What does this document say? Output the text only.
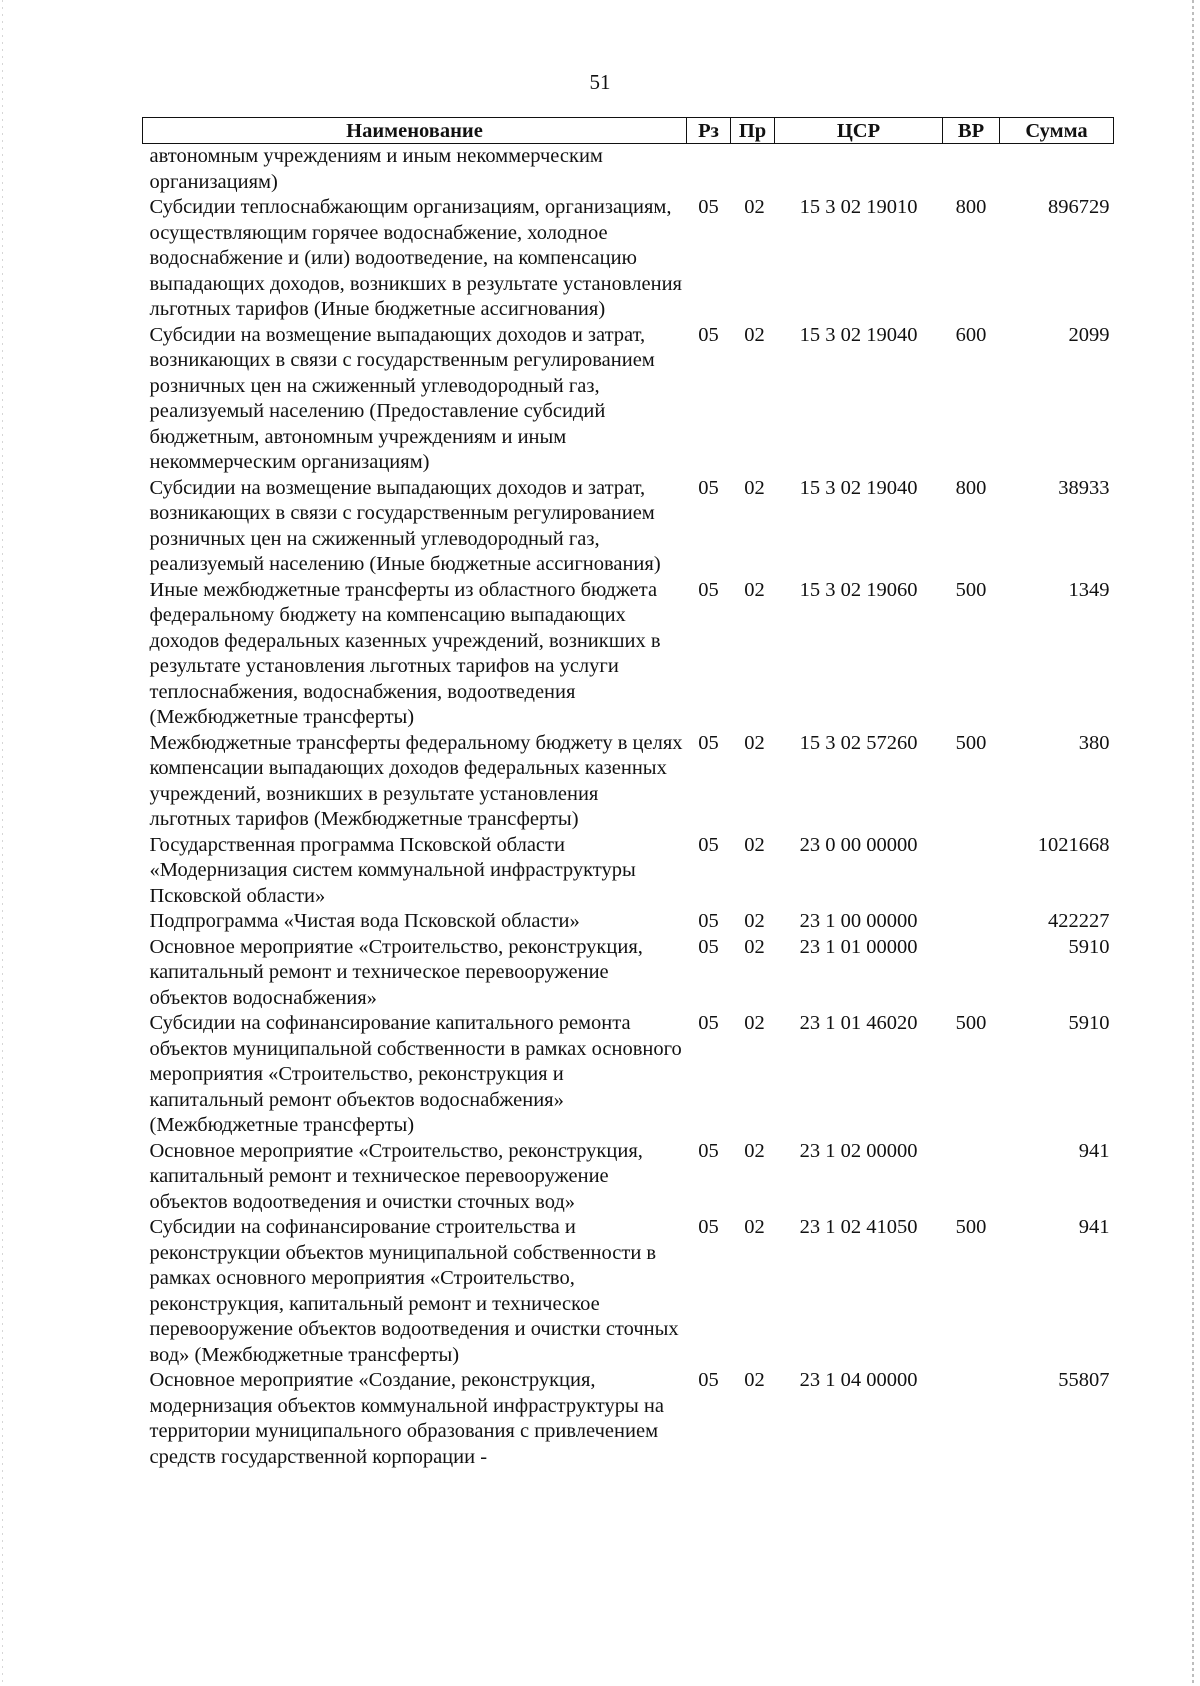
51
Наименование	Рз	Пр	ЦСР	ВР	Сумма
автономным учреждениям и иным некоммерческим организациям)					
Субсидии теплоснабжающим организациям, организациям, осуществляющим горячее водоснабжение, холодное водоснабжение и (или) водоотведение, на компенсацию выпадающих доходов, возникших в результате установления льготных тарифов (Иные бюджетные ассигнования)	05	02	15 3 02 19010	800	896729
Субсидии на возмещение выпадающих доходов и затрат, возникающих в связи с государственным регулированием розничных цен на сжиженный углеводородный газ, реализуемый населению (Предоставление субсидий бюджетным, автономным учреждениям и иным некоммерческим организациям)	05	02	15 3 02 19040	600	2099
Субсидии на возмещение выпадающих доходов и затрат, возникающих в связи с государственным регулированием розничных цен на сжиженный углеводородный газ, реализуемый населению (Иные бюджетные ассигнования)	05	02	15 3 02 19040	800	38933
Иные межбюджетные трансферты из областного бюджета федеральному бюджету на компенсацию выпадающих доходов федеральных казенных учреждений, возникших в результате установления льготных тарифов на услуги теплоснабжения, водоснабжения, водоотведения (Межбюджетные трансферты)	05	02	15 3 02 19060	500	1349
Межбюджетные трансферты федеральному бюджету в целях компенсации выпадающих доходов федеральных казенных учреждений, возникших в результате установления льготных тарифов (Межбюджетные трансферты)	05	02	15 3 02 57260	500	380
Государственная программа Псковской области «Модернизация систем коммунальной инфраструктуры Псковской области»	05	02	23 0 00 00000		1021668
Подпрограмма «Чистая вода Псковской области»	05	02	23 1 00 00000		422227
Основное мероприятие «Строительство, реконструкция, капитальный ремонт и техническое перевооружение объектов водоснабжения»	05	02	23 1 01 00000		5910
Субсидии на софинансирование капитального ремонта объектов муниципальной собственности в рамках основного мероприятия «Строительство, реконструкция и капитальный ремонт объектов водоснабжения» (Межбюджетные трансферты)	05	02	23 1 01 46020	500	5910
Основное мероприятие «Строительство, реконструкция, капитальный ремонт и техническое перевооружение объектов водоотведения и очистки сточных вод»	05	02	23 1 02 00000		941
Субсидии на софинансирование строительства и реконструкции объектов муниципальной собственности в рамках основного мероприятия «Строительство, реконструкция, капитальный ремонт и техническое перевооружение объектов водоотведения и очистки сточных вод» (Межбюджетные трансферты)	05	02	23 1 02 41050	500	941
Основное мероприятие «Создание, реконструкция, модернизация объектов коммунальной инфраструктуры на территории муниципального образования с привлечением средств государственной корпорации -	05	02	23 1 04 00000		55807
